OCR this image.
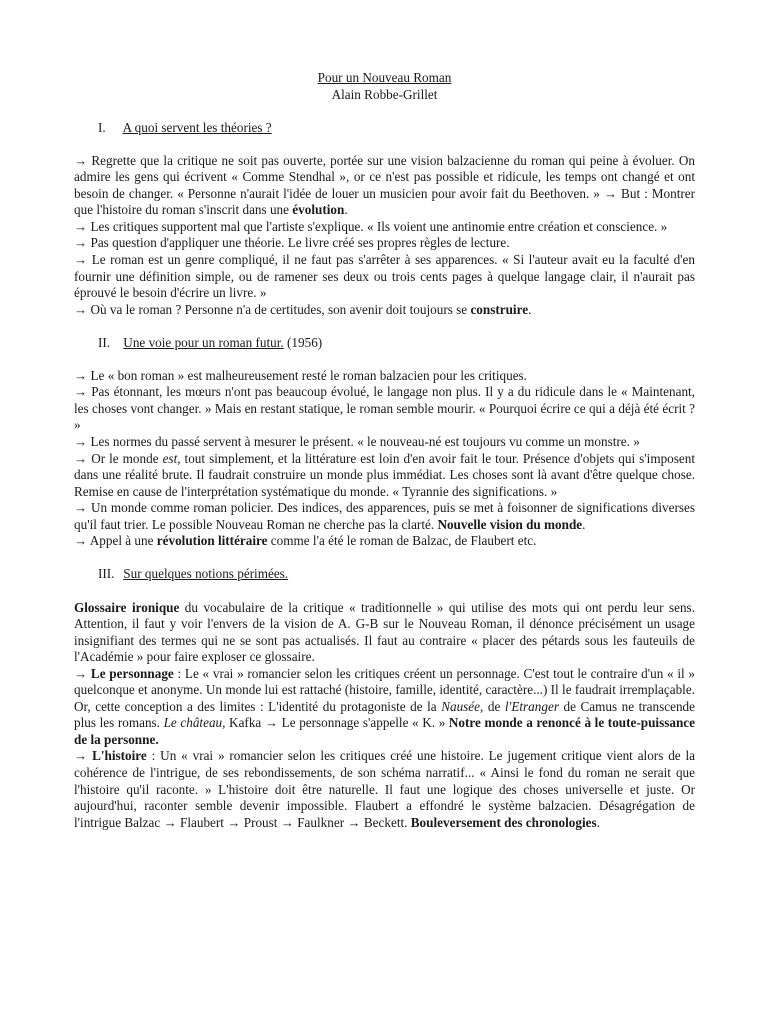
Pour un Nouveau Roman
Alain Robbe-Grillet
I. A quoi servent les théories ?

→ Regrette que la critique ne soit pas ouverte, portée sur une vision balzacienne du roman qui peine à évoluer. On admire les gens qui écrivent « Comme Stendhal », or ce n'est pas possible et ridicule, les temps ont changé et ont besoin de changer. « Personne n'aurait l'idée de louer un musicien pour avoir fait du Beethoven. » → But : Montrer que l'histoire du roman s'inscrit dans une évolution.

→ Les critiques supportent mal que l'artiste s'explique. « Ils voient une antinomie entre création et conscience. »

→ Pas question d'appliquer une théorie. Le livre créé ses propres règles de lecture.

→ Le roman est un genre compliqué, il ne faut pas s'arrêter à ses apparences. « Si l'auteur avait eu la faculté d'en fournir une définition simple, ou de ramener ses deux ou trois cents pages à quelque langage clair, il n'aurait pas éprouvé le besoin d'écrire un livre. »

→ Où va le roman ? Personne n'a de certitudes, son avenir doit toujours se construire.

II. Une voie pour un roman futur. (1956)

→ Le « bon roman » est malheureusement resté le roman balzacien pour les critiques.

→ Pas étonnant, les mœurs n'ont pas beaucoup évolué, le langage non plus. Il y a du ridicule dans le « Maintenant, les choses vont changer. » Mais en restant statique, le roman semble mourir. « Pourquoi écrire ce qui a déjà été écrit ? »

→ Les normes du passé servent à mesurer le présent. « le nouveau-né est toujours vu comme un monstre. »

→ Or le monde est, tout simplement, et la littérature est loin d'en avoir fait le tour. Présence d'objets qui s'imposent dans une réalité brute. Il faudrait construire un monde plus immédiat. Les choses sont là avant d'être quelque chose. Remise en cause de l'interprétation systématique du monde. « Tyrannie des significations. »

→ Un monde comme roman policier. Des indices, des apparences, puis se met à foisonner de significations diverses qu'il faut trier. Le possible Nouveau Roman ne cherche pas la clarté. Nouvelle vision du monde.

→ Appel à une révolution littéraire comme l'a été le roman de Balzac, de Flaubert etc.

III. Sur quelques notions périmées.

Glossaire ironique du vocabulaire de la critique « traditionnelle » qui utilise des mots qui ont perdu leur sens. Attention, il faut y voir l'envers de la vision de A. G-B sur le Nouveau Roman, il dénonce précisément un usage insignifiant des termes qui ne se sont pas actualisés. Il faut au contraire « placer des pétards sous les fauteuils de l'Académie » pour faire exploser ce glossaire.

→ Le personnage : Le « vrai » romancier selon les critiques créent un personnage. C'est tout le contraire d'un « il » quelconque et anonyme. Un monde lui est rattaché (histoire, famille, identité, caractère...) Il le faudrait irremplaçable. Or, cette conception a des limites : L'identité du protagoniste de la Nausée, de l'Etranger de Camus ne transcende plus les romans. Le château, Kafka → Le personnage s'appelle « K. » Notre monde a renoncé à le toute-puissance de la personne.

→ L'histoire : Un « vrai » romancier selon les critiques créé une histoire. Le jugement critique vient alors de la cohérence de l'intrigue, de ses rebondissements, de son schéma narratif... « Ainsi le fond du roman ne serait que l'histoire qu'il raconte. » L'histoire doit être naturelle. Il faut une logique des choses universelle et juste. Or aujourd'hui, raconter semble devenir impossible. Flaubert a effondré le système balzacien. Désagrégation de l'intrigue Balzac → Flaubert → Proust → Faulkner → Beckett. Bouleversement des chronologies.
